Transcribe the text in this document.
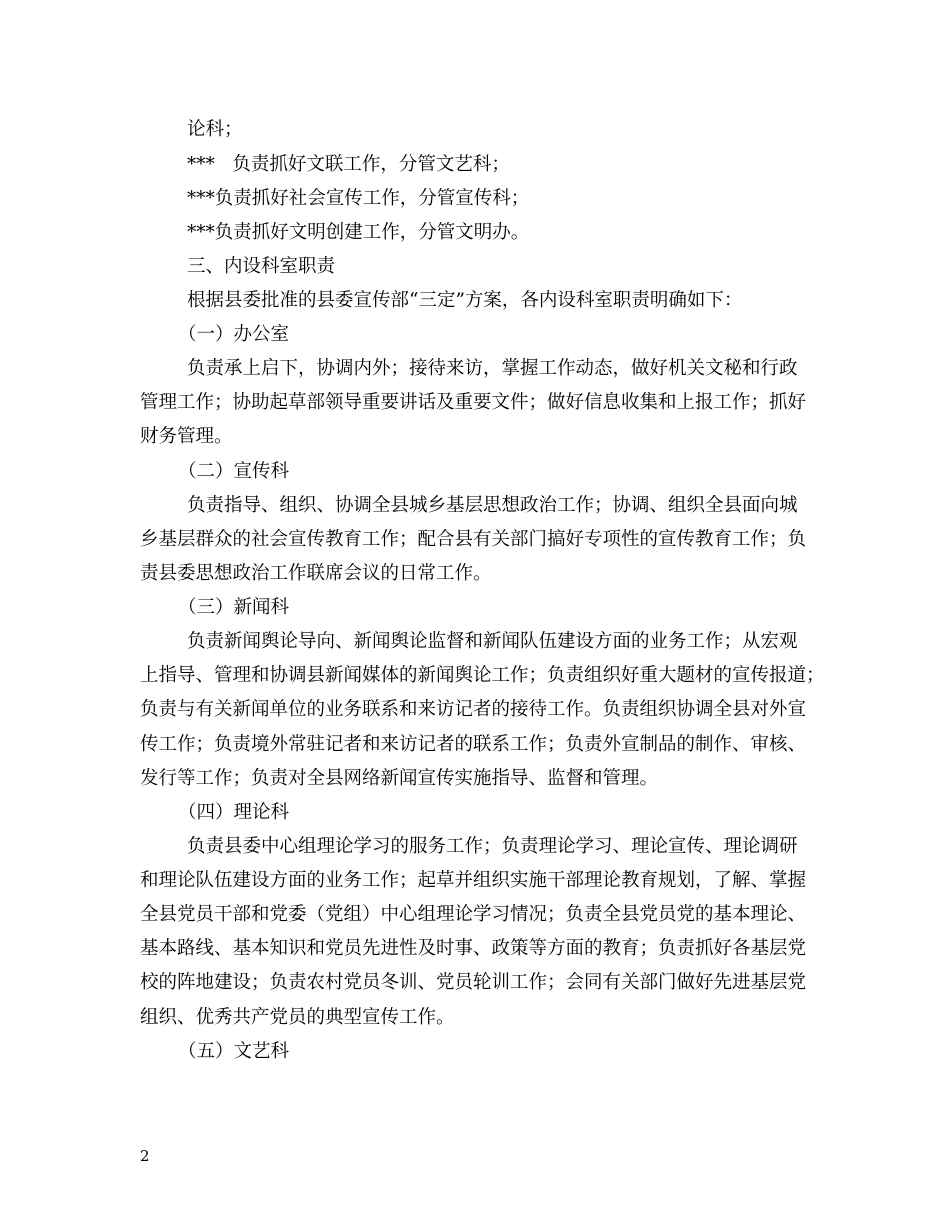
论科；
***   负责抓好文联工作，分管文艺科；
***负责抓好社会宣传工作，分管宣传科；
***负责抓好文明创建工作，分管文明办。
三、内设科室职责
根据县委批准的县委宣传部“三定”方案，各内设科室职责明确如下：
（一）办公室
负责承上启下，协调内外；接待来访，掌握工作动态，做好机关文秘和行政
管理工作；协助起草部领导重要讲话及重要文件；做好信息收集和上报工作；抓好
财务管理。
（二）宣传科
负责指导、组织、协调全县城乡基层思想政治工作；协调、组织全县面向城
乡基层群众的社会宣传教育工作；配合县有关部门搞好专项性的宣传教育工作；负
责县委思想政治工作联席会议的日常工作。
（三）新闻科
负责新闻舆论导向、新闻舆论监督和新闻队伍建设方面的业务工作；从宏观
上指导、管理和协调县新闻媒体的新闻舆论工作；负责组织好重大题材的宣传报道；
负责与有关新闻单位的业务联系和来访记者的接待工作。负责组织协调全县对外宣
传工作；负责境外常驻记者和来访记者的联系工作；负责外宣制品的制作、审核、
发行等工作；负责对全县网络新闻宣传实施指导、监督和管理。
（四）理论科
负责县委中心组理论学习的服务工作；负责理论学习、理论宣传、理论调研
和理论队伍建设方面的业务工作；起草并组织实施干部理论教育规划，了解、掌握
全县党员干部和党委（党组）中心组理论学习情况；负责全县党员党的基本理论、
基本路线、基本知识和党员先进性及时事、政策等方面的教育；负责抓好各基层党
校的阵地建设；负责农村党员冬训、党员轮训工作；会同有关部门做好先进基层党
组织、优秀共产党员的典型宣传工作。
（五）文艺科
2
